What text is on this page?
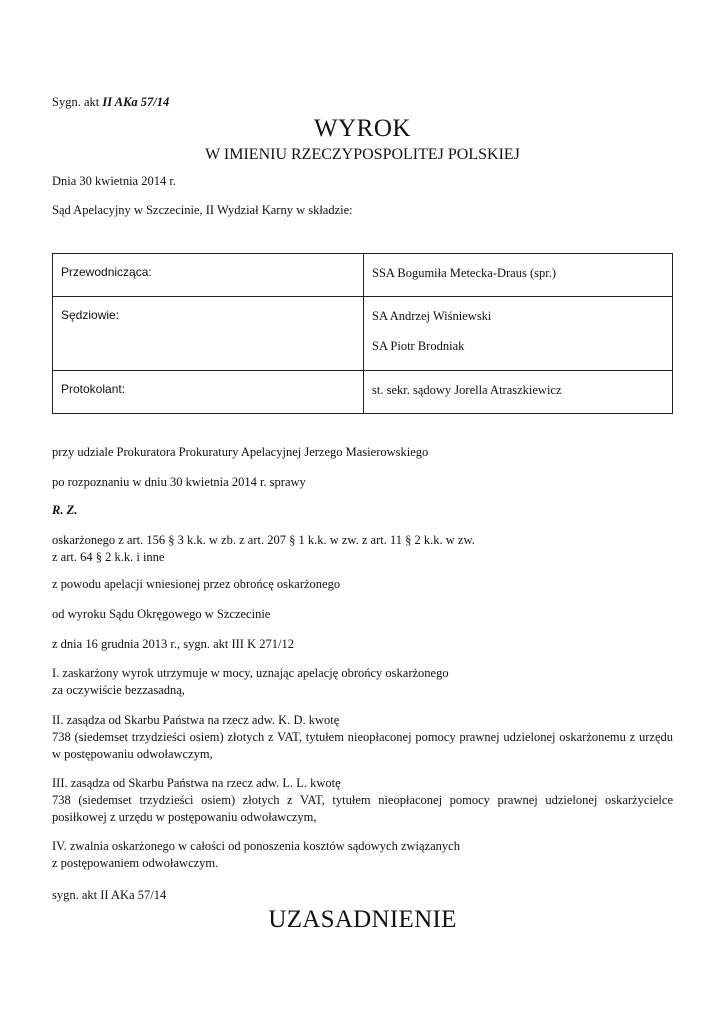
Sygn. akt II AKa 57/14
WYROK
W IMIENIU RZECZYPOSPOLITEJ POLSKIEJ
Dnia 30 kwietnia 2014 r.
Sąd Apelacyjny w Szczecinie, II Wydział Karny w składzie:
Przewodnicząca:	SSA Bogumiła Metecka-Draus (spr.)

Sędziowie:	SA Andrzej Wiśniewski
SA Piotr Brodniak

Protokolant:	st. sekr. sądowy Jorella Atraszkiewicz
przy udziale Prokuratora Prokuratury Apelacyjnej Jerzego Masierowskiego
po rozpoznaniu w dniu 30 kwietnia 2014 r. sprawy
R. Z.
oskarżonego z art. 156 § 3 k.k. w zb. z art. 207 § 1 k.k. w zw. z art. 11 § 2 k.k. w zw.
z art. 64 § 2 k.k. i inne
z powodu apelacji wniesionej przez obrońcę oskarżonego
od wyroku Sądu Okręgowego w Szczecinie
z dnia 16 grudnia 2013 r., sygn. akt III K 271/12
I. zaskarżony wyrok utrzymuje w mocy, uznając apelację obrońcy oskarżonego
za oczywiście bezzasadną,
II. zasądza od Skarbu Państwa na rzecz adw. K. D. kwotę
738 (siedemset trzydzieści osiem) złotych z VAT, tytułem nieopłaconej pomocy prawnej udzielonej oskarżonemu z urzędu w postępowaniu odwoławczym,
III. zasądza od Skarbu Państwa na rzecz adw. L. L. kwotę
738 (siedemset trzydzieści osiem) złotych z VAT, tytułem nieopłaconej pomocy prawnej udzielonej oskarżycielce posiłkowej z urzędu w postępowaniu odwoławczym,
IV. zwalnia oskarżonego w całości od ponoszenia kosztów sądowych związanych
z postępowaniem odwoławczym.
sygn. akt II AKa 57/14
UZASADNIENIE
